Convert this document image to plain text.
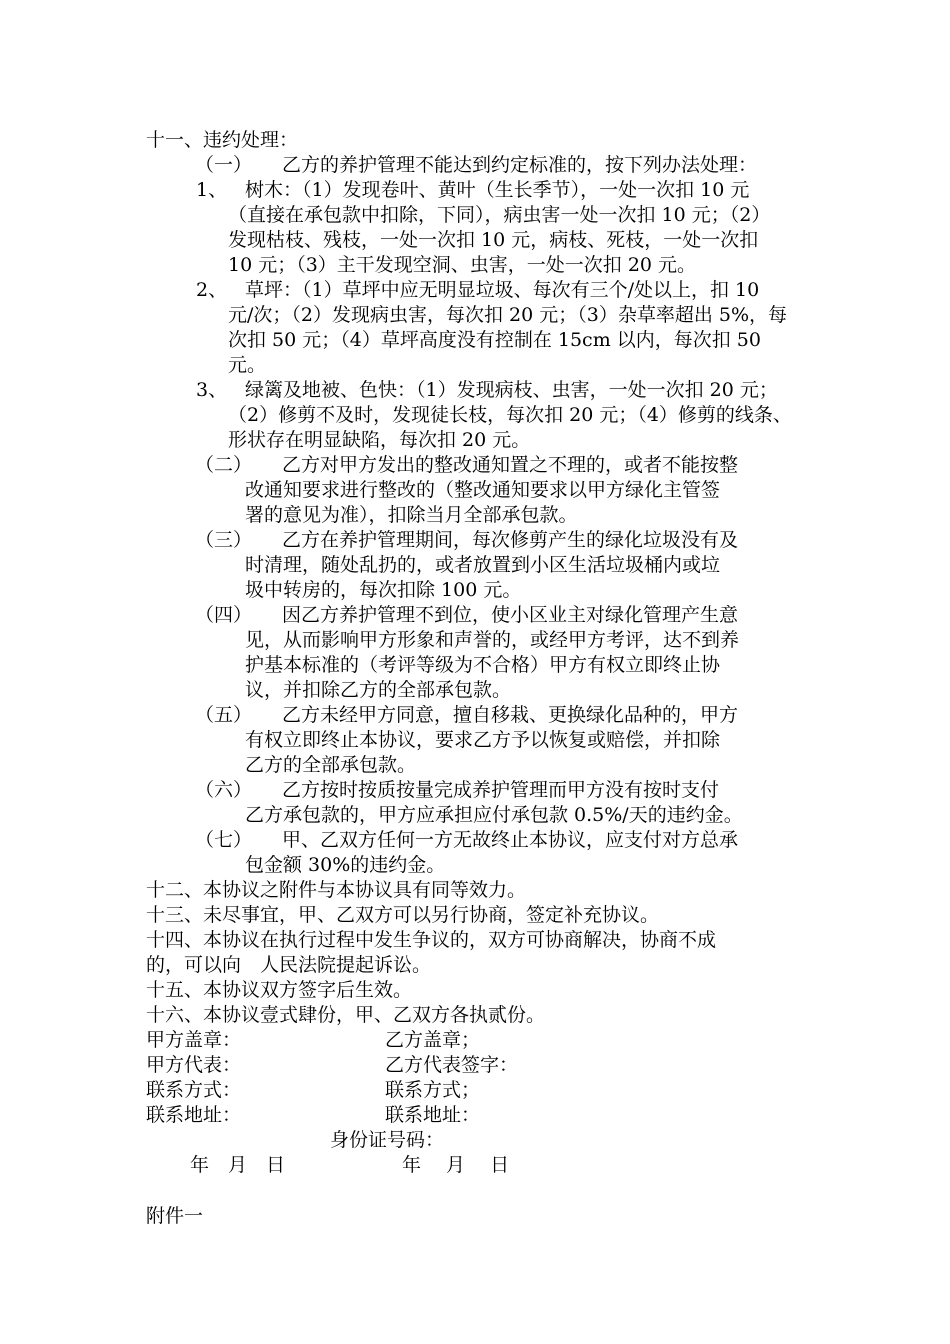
十一、违约处理：
（一） 乙方的养护管理不能达到约定标准的，按下列办法处理：
1、 树木：（1）发现卷叶、黄叶（生长季节），一处一次扣 10 元
（直接在承包款中扣除，下同），病虫害一处一次扣 10 元；（2）
发现枯枝、残枝，一处一次扣 10 元，病枝、死枝，一处一次扣
10 元；（3）主干发现空洞、虫害，一处一次扣 20 元。
2、 草坪：（1）草坪中应无明显垃圾、每次有三个/处以上，扣 10
元/次；（2）发现病虫害，每次扣 20 元；（3）杂草率超出 5%，每
次扣 50 元；（4）草坪高度没有控制在 15cm 以内，每次扣 50
元。
3、 绿篱及地被、色快：（1）发现病枝、虫害，一处一次扣 20 元；
（2）修剪不及时，发现徒长枝，每次扣 20 元；（4）修剪的线条、
形状存在明显缺陷，每次扣 20 元。
（二） 乙方对甲方发出的整改通知置之不理的，或者不能按整
改通知要求进行整改的（整改通知要求以甲方绿化主管签
署的意见为准），扣除当月全部承包款。
（三） 乙方在养护管理期间，每次修剪产生的绿化垃圾没有及
时清理，随处乱扔的，或者放置到小区生活垃圾桶内或垃
圾中转房的，每次扣除 100 元。
（四） 因乙方养护管理不到位，使小区业主对绿化管理产生意
见，从而影响甲方形象和声誉的，或经甲方考评，达不到养
护基本标准的（考评等级为不合格）甲方有权立即终止协
议，并扣除乙方的全部承包款。
（五） 乙方未经甲方同意，擅自移栽、更换绿化品种的，甲方
有权立即终止本协议，要求乙方予以恢复或赔偿，并扣除
乙方的全部承包款。
（六） 乙方按时按质按量完成养护管理而甲方没有按时支付
乙方承包款的，甲方应承担应付承包款 0.5%/天的违约金。
（七） 甲、乙双方任何一方无故终止本协议，应支付对方总承
包金额 30%的违约金。
十二、本协议之附件与本协议具有同等效力。
十三、未尽事宜，甲、乙双方可以另行协商，签定补充协议。
十四、本协议在执行过程中发生争议的，双方可协商解决，协商不成
的，可以向　人民法院提起诉讼。
十五、本协议双方签字后生效。
十六、本协议壹式肆份，甲、乙双方各执贰份。
甲方盖章：	乙方盖章；
甲方代表：	乙方代表签字：
联系方式：	联系方式；
联系地址：	联系地址：
身份证号码：
年　月　日	年　 月　 日
附件一
